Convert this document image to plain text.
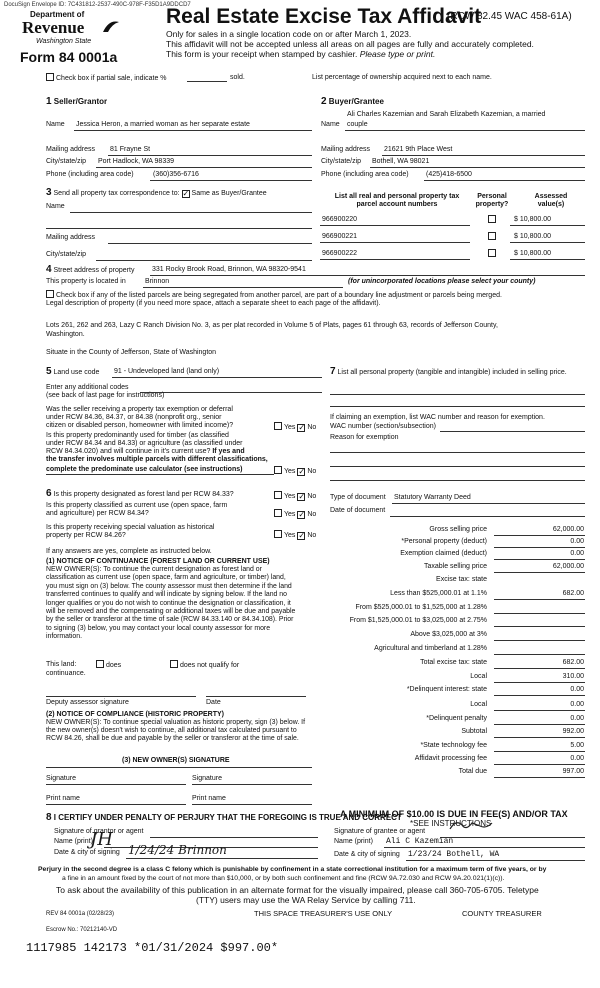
DocuSign Envelope ID: 7C431812-2537-490C-978F-F35D1A9DDCD7
Department of
Revenue
Washington State
Form 84 0001a
Real Estate Excise Tax Affidavit
(RCW 82.45 WAC 458-61A)
Only for sales in a single location code on or after March 1, 2023.
This affidavit will not be accepted unless all areas on all pages are fully and accurately completed.
This form is your receipt when stamped by cashier. Please type or print.
Check box if partial sale, indicate %	sold.	List percentage of ownership acquired next to each name.
1 Seller/Grantor
Name Jessica Heron, a married woman as her separate estate
Mailing address 81 Frayne St
City/state/zip Port Hadlock, WA 98339
Phone (including area code)	(360)356-6716
2 Buyer/Grantee
Ali Charles Kazemian and Sarah Elizabeth Kazemian, a married
Name couple
Mailing address 21621 9th Place West
City/state/zip Bothell, WA 98021
Phone (including area code) (425)418-6500
3 Send all property tax correspondence to: ✓ Same as Buyer/Grantee
Name
Mailing address
City/state/zip
List all real and personal property tax
parcel account numbers
Personal
property?
Assessed
value(s)
966900220	$ 10,800.00
966900221	$ 10,800.00
966900222	$ 10,800.00
4 Street address of property	331 Rocky Brook Road, Brinnon, WA 98320-9541
This property is located in	Brinnon	(for unincorporated locations please select your county)
Check box if any of the listed parcels are being segregated from another parcel, are part of a boundary line adjustment or parcels being merged.
Legal description of property (if you need more space, attach a separate sheet to each page of the affidavit).
Lots 261, 262 and 263, Lazy C Ranch Division No. 3, as per plat recorded in Volume 5 of Plats, pages 61 through 63, records of Jefferson County,
Washington.
Situate in the County of Jefferson, State of Washington
5 Land use code 91 - Undeveloped land (land only)
Enter any additional codes
(see back of last page for instructions)
Was the seller receiving a property tax exemption or deferral
under RCW 84.36, 84.37, or 84.38 (nonprofit org., senior
citizen or disabled person, homeowner with limited income)?	Yes ✓ No
Is this property predominantly used for timber (as classified
under RCW 84.34 and 84.33) or agriculture (as classified under
RCW 84.34.020) and will continue in it's current use? If yes and
the transfer involves multiple parcels with different classifications,
complete the predominate use calculator (see instructions)	Yes ✓ No
6 Is this property designated as forest land per RCW 84.33?	Yes ✓ No
Is this property classified as current use (open space, farm
and agriculture) per RCW 84.34?	Yes ✓ No
Is this property receiving special valuation as historical
property per RCW 84.26?	Yes ✓ No
If any answers are yes, complete as instructed below.
(1) NOTICE OF CONTINUANCE (FOREST LAND OR CURRENT USE)
NEW OWNER(S): To continue the current designation as forest land or classification as current use (open space, farm and agriculture, or timber) land, you must sign on (3) below. The county assessor must then determine if the land transferred continues to qualify and will indicate by signing below. If the land no longer qualifies or you do not wish to continue the designation or classification, it will be removed and the compensating or additional taxes will be due and payable by the seller or transferor at the time of sale (RCW 84.33.140 or 84.34.108). Prior to signing (3) below, you may contact your local county assessor for more information.
This land:	does	does not qualify for
continuance.
Deputy assessor signature	Date
(2) NOTICE OF COMPLIANCE (HISTORIC PROPERTY)
NEW OWNER(S): To continue special valuation as historic property, sign (3) below. If the new owner(s) doesn't wish to continue, all additional tax calculated pursuant to RCW 84.26, shall be due and payable by the seller or transferor at the time of sale.
(3) NEW OWNER(S) SIGNATURE
Signature	Signature
Print name	Print name
7 List all personal property (tangible and intangible) included in selling price.
If claiming an exemption, list WAC number and reason for exemption.
WAC number (section/subsection)
Reason for exemption
Type of document Statutory Warranty Deed
Date of document
Gross selling price	62,000.00
*Personal property (deduct)	0.00
Exemption claimed (deduct)	0.00
Taxable selling price	62,000.00
Excise tax: state
Less than $525,000.01 at 1.1%	682.00
From $525,000.01 to $1,525,000 at 1.28%
From $1,525,000.01 to $3,025,000 at 2.75%
Above $3,025,000 at 3%
Agricultural and timberland at 1.28%
Total excise tax: state	682.00
Local	310.00
*Delinquent interest: state	0.00
Local	0.00
*Delinquent penalty	0.00
Subtotal	992.00
*State technology fee	5.00
Affidavit processing fee	0.00
Total due	997.00
A MINIMUM OF $10.00 IS DUE IN FEE(S) AND/OR TAX
*SEE INSTRUCTIONS
8 I CERTIFY UNDER PENALTY OF PERJURY THAT THE FOREGOING IS TRUE AND CORRECT
Signature of grantor or agent
Name (print)
Date & city of signing
JH 1/24/24 Brinnon
Signature of grantee or agent
Name (print) Ali C Kazemian
Date & city of signing 1/23/24 Bothell, WA
Perjury in the second degree is a class C felony which is punishable by confinement in a state correctional institution for a maximum term of five years, or by
a fine in an amount fixed by the court of not more than $10,000, or by both such confinement and fine (RCW 9A.72.030 and RCW 9A.20.021(1)(c)).
To ask about the availability of this publication in an alternate format for the visually impaired, please call 360-705-6705. Teletype
(TTY) users may use the WA Relay Service by calling 711.
REV 84 0001a (02/28/23)	THIS SPACE TREASURER'S USE ONLY	COUNTY TREASURER
Escrow No.: 70212140-VD
1117985 142173 *01/31/2024 $997.00*
